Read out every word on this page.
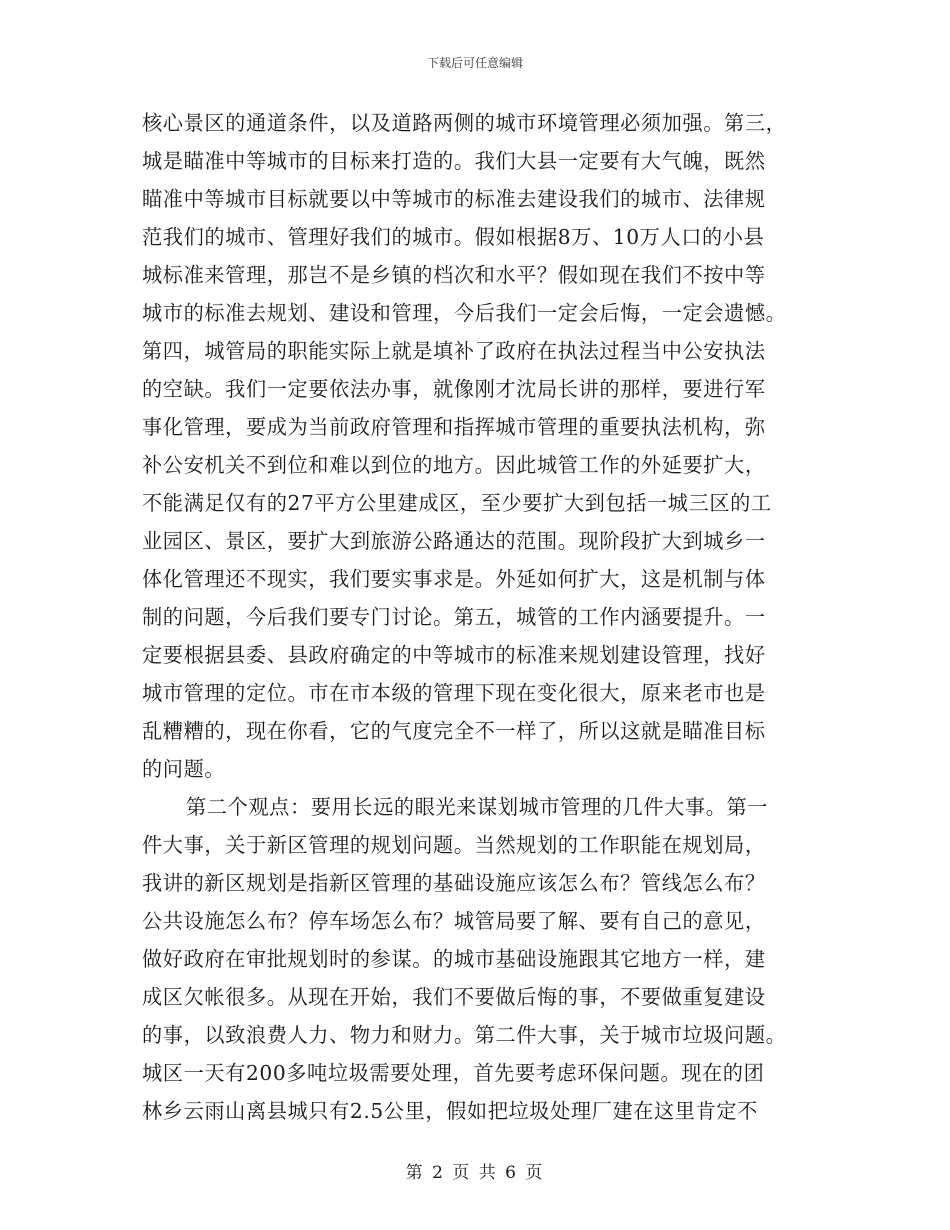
下载后可任意编辑
核心景区的通道条件，以及道路两侧的城市环境管理必须加强。第三，
城是瞄准中等城市的目标来打造的。我们大县一定要有大气魄，既然
瞄准中等城市目标就要以中等城市的标准去建设我们的城市、法律规
范我们的城市、管理好我们的城市。假如根据8万、10万人口的小县
城标准来管理，那岂不是乡镇的档次和水平？假如现在我们不按中等
城市的标准去规划、建设和管理，今后我们一定会后悔，一定会遗憾。
第四，城管局的职能实际上就是填补了政府在执法过程当中公安执法
的空缺。我们一定要依法办事，就像刚才沈局长讲的那样，要进行军
事化管理，要成为当前政府管理和指挥城市管理的重要执法机构，弥
补公安机关不到位和难以到位的地方。因此城管工作的外延要扩大，
不能满足仅有的27平方公里建成区，至少要扩大到包括一城三区的工
业园区、景区，要扩大到旅游公路通达的范围。现阶段扩大到城乡一
体化管理还不现实，我们要实事求是。外延如何扩大，这是机制与体
制的问题，今后我们要专门讨论。第五，城管的工作内涵要提升。一
定要根据县委、县政府确定的中等城市的标准来规划建设管理，找好
城市管理的定位。市在市本级的管理下现在变化很大，原来老市也是
乱糟糟的，现在你看，它的气度完全不一样了，所以这就是瞄准目标
的问题。
第二个观点：要用长远的眼光来谋划城市管理的几件大事。第一
件大事，关于新区管理的规划问题。当然规划的工作职能在规划局，
我讲的新区规划是指新区管理的基础设施应该怎么布？管线怎么布？
公共设施怎么布？停车场怎么布？城管局要了解、要有自己的意见，
做好政府在审批规划时的参谋。的城市基础设施跟其它地方一样，建
成区欠帐很多。从现在开始，我们不要做后悔的事，不要做重复建设
的事，以致浪费人力、物力和财力。第二件大事，关于城市垃圾问题。
城区一天有200多吨垃圾需要处理，首先要考虑环保问题。现在的团
林乡云雨山离县城只有2.5公里，假如把垃圾处理厂建在这里肯定不
第 2 页 共 6 页
